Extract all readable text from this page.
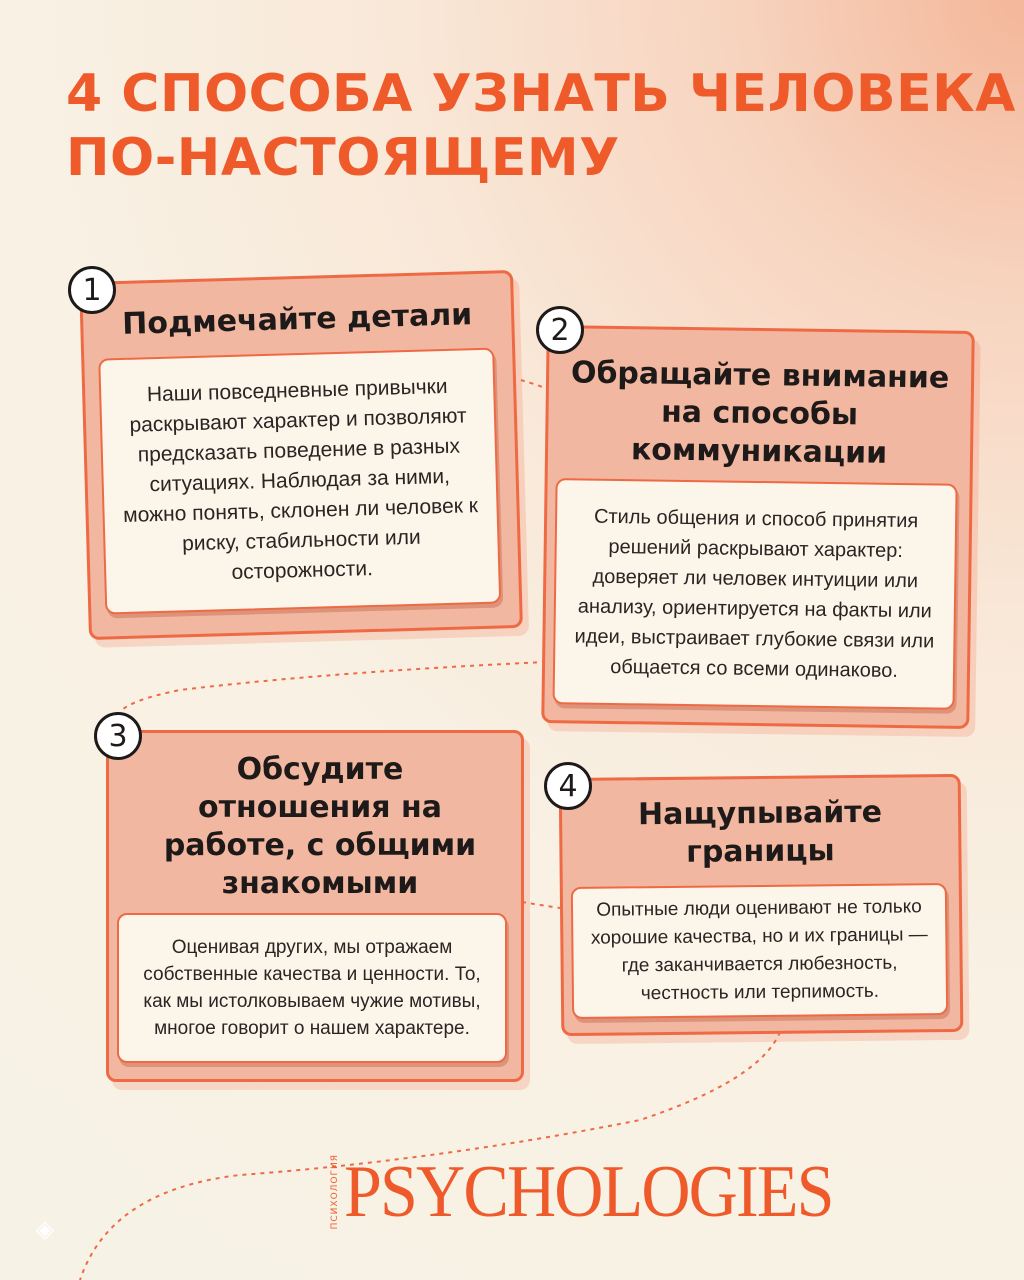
4 СПОСОБА УЗНАТЬ ЧЕЛОВЕКА
ПО-НАСТОЯЩЕМУ
Подмечайте детали
Наши повседневные привычки раскрывают характер и позволяют предсказать поведение в разных ситуациях. Наблюдая за ними, можно понять, склонен ли человек к риску, стабильности или осторожности.
1
Обращайте внимание на способы коммуникации
Стиль общения и способ принятия решений раскрывают характер: доверяет ли человек интуиции или анализу, ориентируется на факты или идеи, выстраивает глубокие связи или общается со всеми одинаково.
2
Обсудите отношения на работе, с общими знакомыми
Оценивая других, мы отражаем собственные качества и ценности. То, как мы истолковываем чужие мотивы, многое говорит о нашем характере.
3
Нащупывайте границы
Опытные люди оценивают не только хорошие качества, но и их границы — где заканчивается любезность, честность или терпимость.
4
ПСИХОЛОГИЯ PSYCHOLOGIES
◈
